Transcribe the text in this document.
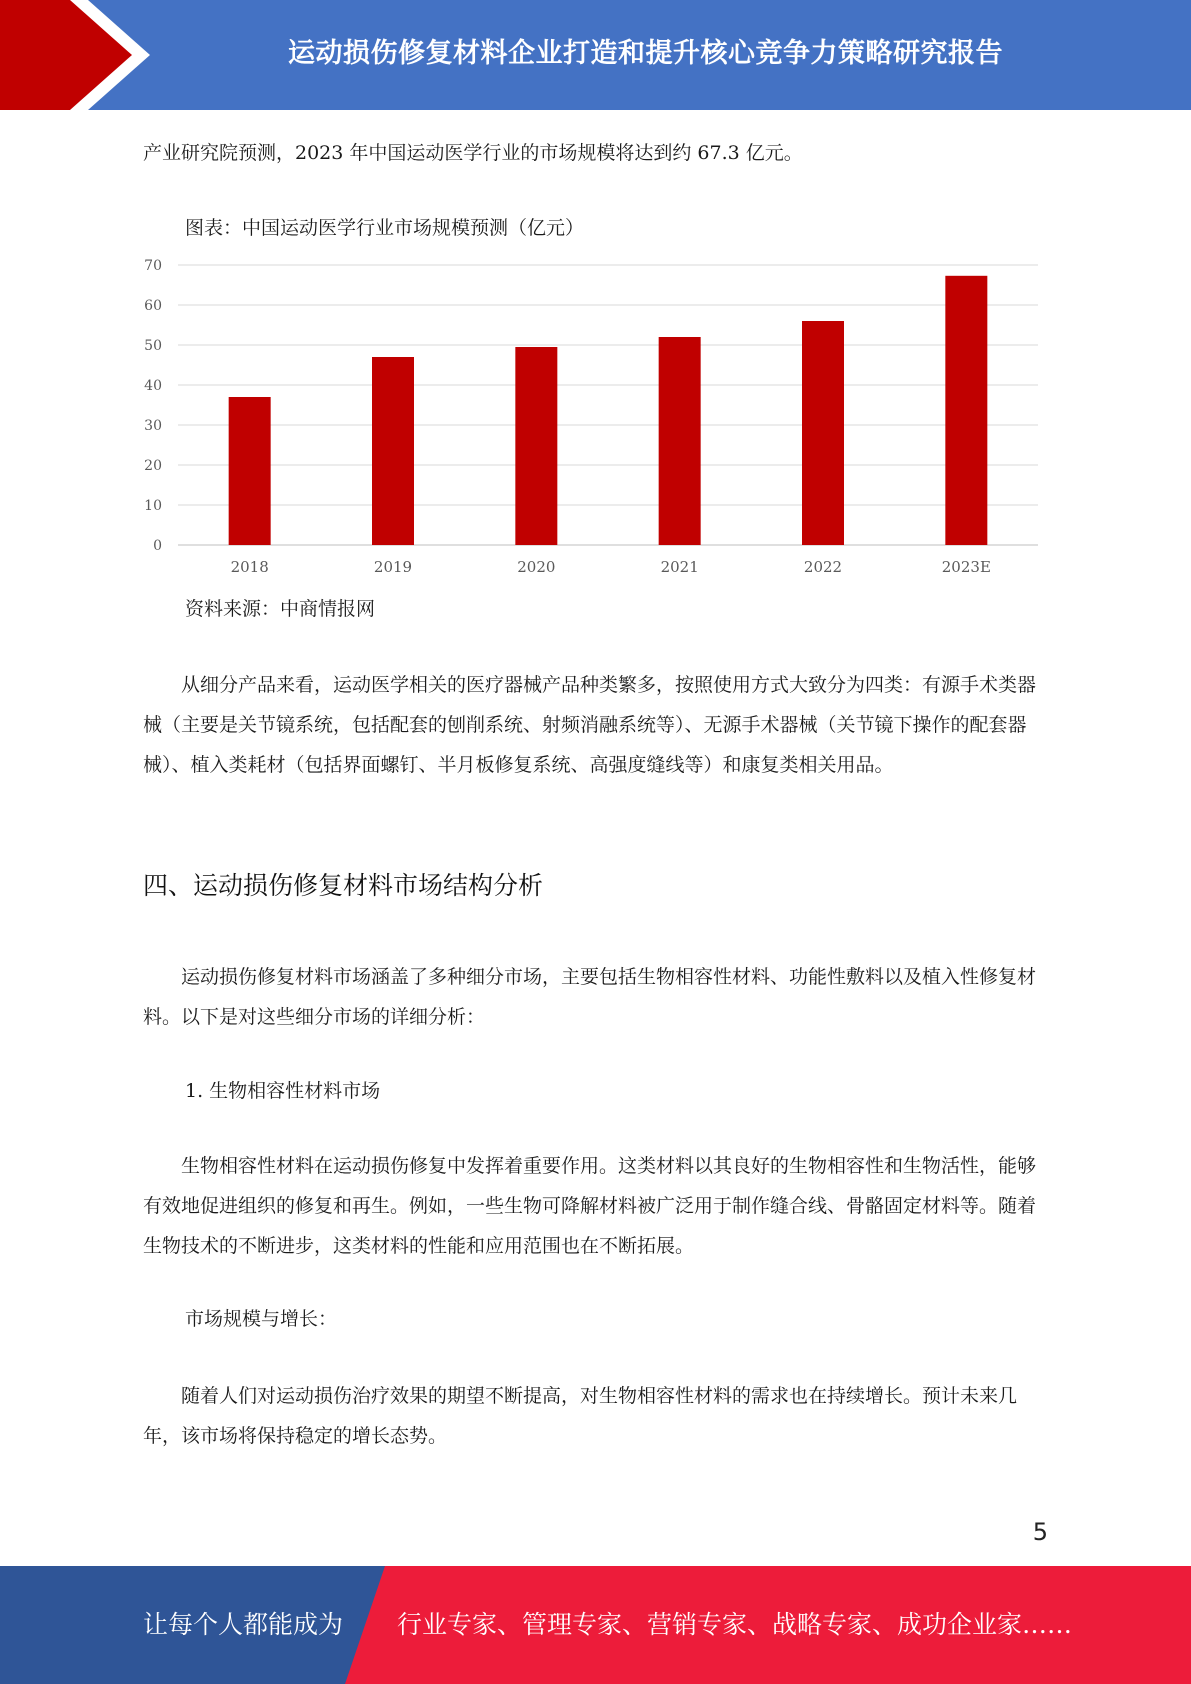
运动损伤修复材料企业打造和提升核心竞争力策略研究报告

产业研究院预测，2023 年中国运动医学行业的市场规模将达到约 67.3 亿元。

图表：中国运动医学行业市场规模预测（亿元）
0
10
20
30
40
50
60
70
2018	2019	2020	2021	2022	2023E
资料来源：中商情报网

从细分产品来看，运动医学相关的医疗器械产品种类繁多，按照使用方式大致分为四类：有源手术类器械（主要是关节镜系统，包括配套的刨削系统、射频消融系统等）、无源手术器械（关节镜下操作的配套器械）、植入类耗材（包括界面螺钉、半月板修复系统、高强度缝线等）和康复类相关用品。

四、运动损伤修复材料市场结构分析

运动损伤修复材料市场涵盖了多种细分市场，主要包括生物相容性材料、功能性敷料以及植入性修复材料。以下是对这些细分市场的详细分析：

1. 生物相容性材料市场

生物相容性材料在运动损伤修复中发挥着重要作用。这类材料以其良好的生物相容性和生物活性，能够有效地促进组织的修复和再生。例如，一些生物可降解材料被广泛用于制作缝合线、骨骼固定材料等。随着生物技术的不断进步，这类材料的性能和应用范围也在不断拓展。

市场规模与增长：

随着人们对运动损伤治疗效果的期望不断提高，对生物相容性材料的需求也在持续增长。预计未来几年，该市场将保持稳定的增长态势。

5
让每个人都能成为 行业专家、管理专家、营销专家、战略专家、成功企业家……
